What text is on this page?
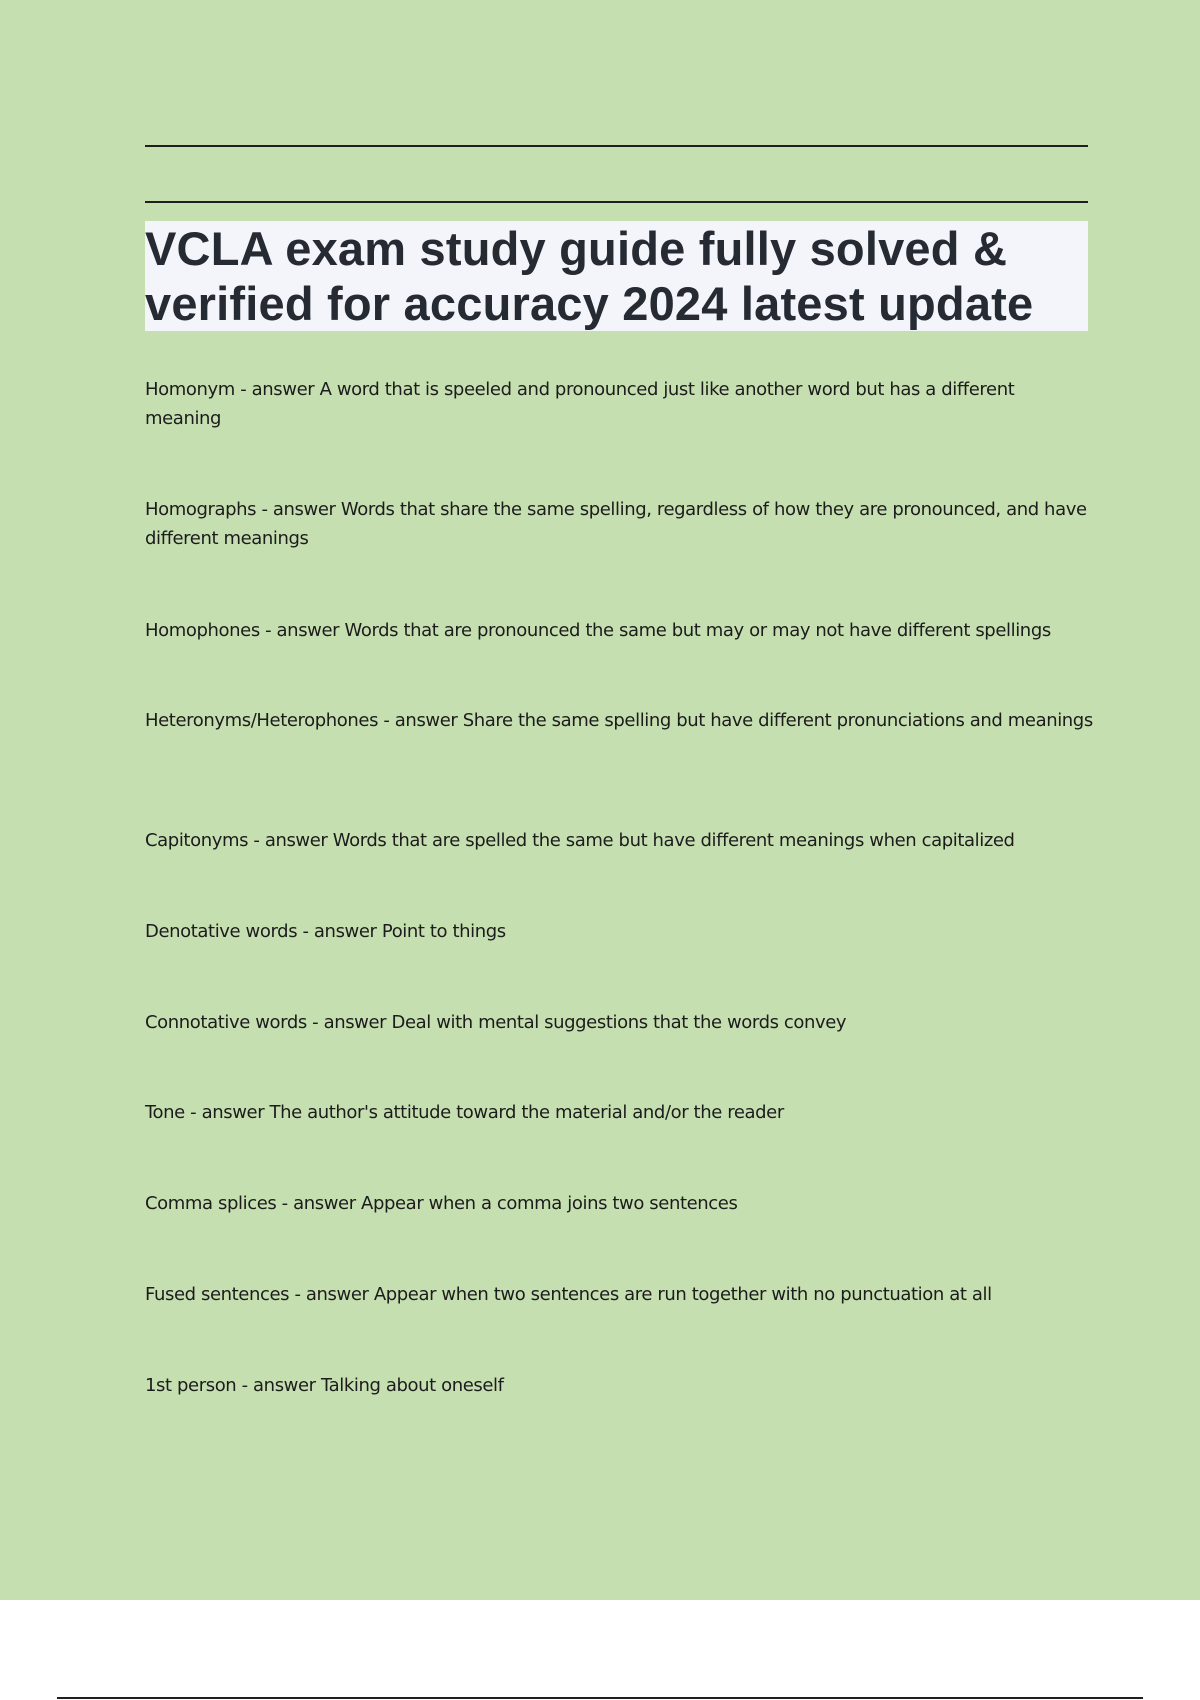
VCLA exam study guide fully solved & verified for accuracy 2024 latest update
Homonym - answer A word that is speeled and pronounced just like another word but has a different meaning
Homographs - answer Words that share the same spelling, regardless of how they are pronounced, and have different meanings
Homophones - answer Words that are pronounced the same but may or may not have different spellings
Heteronyms/Heterophones - answer Share the same spelling but have different pronunciations and meanings
Capitonyms - answer Words that are spelled the same but have different meanings when capitalized
Denotative words - answer Point to things
Connotative words - answer Deal with mental suggestions that the words convey
Tone - answer The author's attitude toward the material and/or the reader
Comma splices - answer Appear when a comma joins two sentences
Fused sentences - answer Appear when two sentences are run together with no punctuation at all
1st person - answer Talking about oneself
